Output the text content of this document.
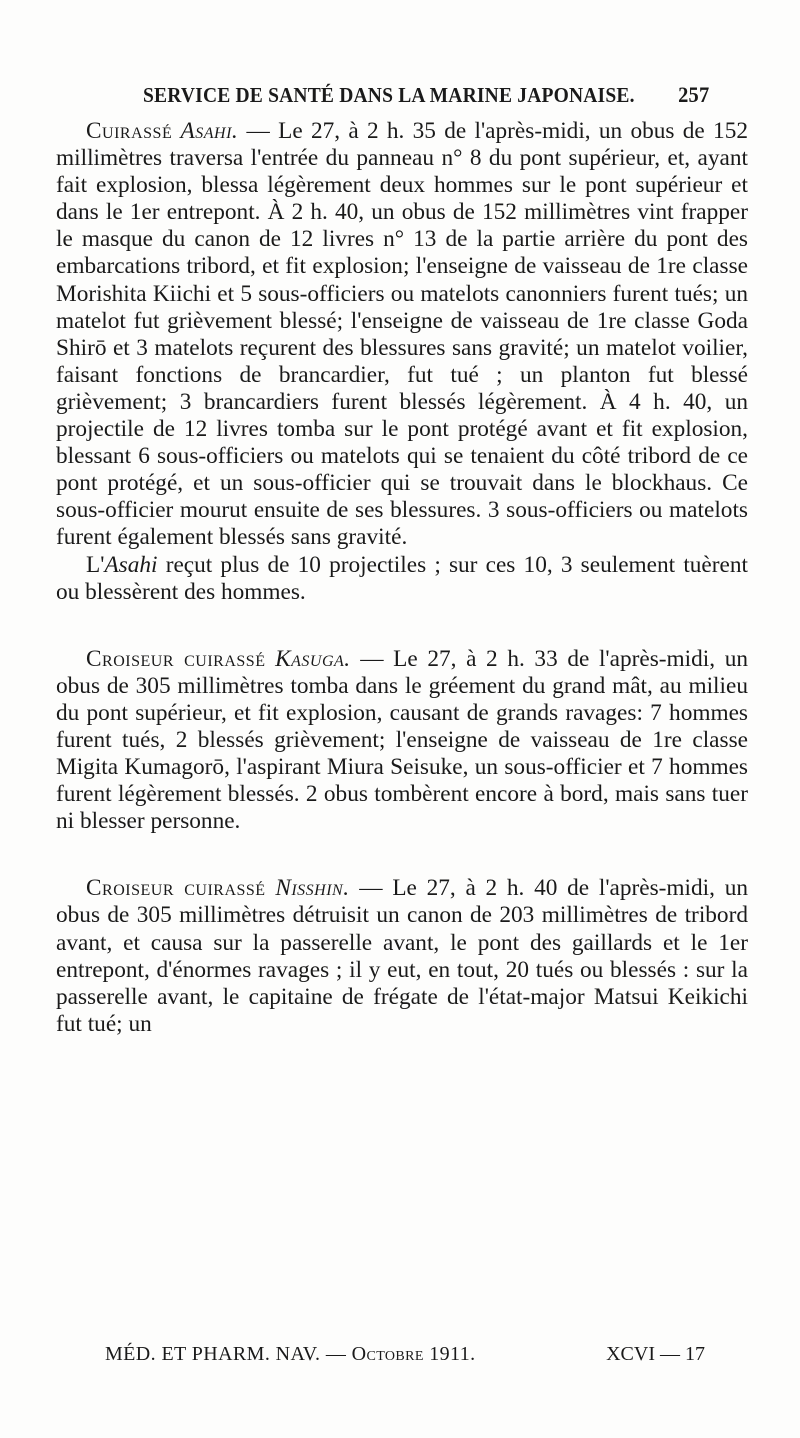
SERVICE DE SANTÉ DANS LA MARINE JAPONAISE. 257

Cuirassé Asahi. — Le 27, à 2 h. 35 de l'après-midi, un obus de 152 millimètres traversa l'entrée du panneau n° 8 du pont supérieur, et, ayant fait explosion, blessa légèrement deux hommes sur le pont supérieur et dans le 1er entrepont. À 2 h. 40, un obus de 152 millimètres vint frapper le masque du canon de 12 livres n° 13 de la partie arrière du pont des embarcations tribord, et fit explosion; l'enseigne de vaisseau de 1re classe Morishita Kiichi et 5 sous-officiers ou matelots canonniers furent tués; un matelot fut grièvement blessé; l'enseigne de vaisseau de 1re classe Goda Shirō et 3 matelots reçurent des blessures sans gravité; un matelot voilier, faisant fonctions de brancardier, fut tué ; un planton fut blessé grièvement; 3 brancardiers furent blessés légèrement. À 4 h. 40, un projectile de 12 livres tomba sur le pont protégé avant et fit explosion, blessant 6 sous-officiers ou matelots qui se tenaient du côté tribord de ce pont protégé, et un sous-officier qui se trouvait dans le blockhaus. Ce sous-officier mourut ensuite de ses blessures. 3 sous-officiers ou matelots furent également blessés sans gravité.

L'Asahi reçut plus de 10 projectiles ; sur ces 10, 3 seulement tuèrent ou blessèrent des hommes.

Croiseur cuirassé Kasuga. — Le 27, à 2 h. 33 de l'après-midi, un obus de 305 millimètres tomba dans le gréement du grand mât, au milieu du pont supérieur, et fit explosion, causant de grands ravages: 7 hommes furent tués, 2 blessés grièvement; l'enseigne de vaisseau de 1re classe Migita Kumagorō, l'aspirant Miura Seisuke, un sous-officier et 7 hommes furent légèrement blessés. 2 obus tombèrent encore à bord, mais sans tuer ni blesser personne.

Croiseur cuirassé Nisshin. — Le 27, à 2 h. 40 de l'après-midi, un obus de 305 millimètres détruisit un canon de 203 millimètres de tribord avant, et causa sur la passerelle avant, le pont des gaillards et le 1er entrepont, d'énormes ravages ; il y eut, en tout, 20 tués ou blessés : sur la passerelle avant, le capitaine de frégate de l'état-major Matsui Keikichi fut tué; un

MÉD. ET PHARM. NAV. — Octobre 1911.	XCVI — 17
